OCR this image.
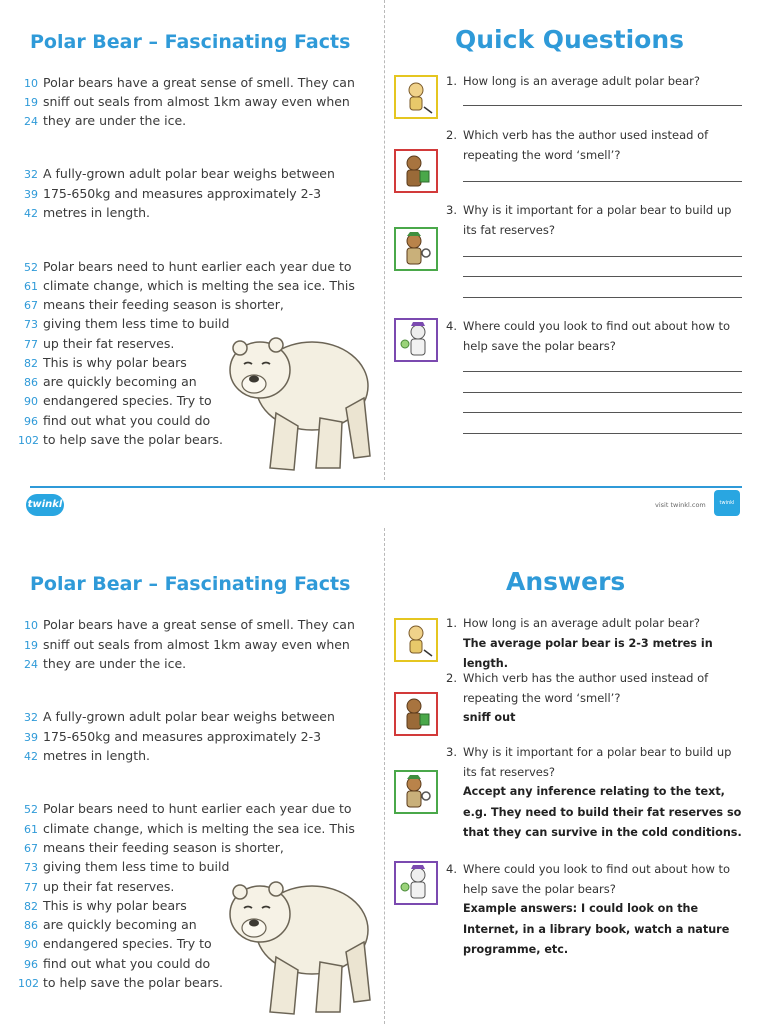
Polar Bear – Fascinating Facts	Quick Questions
10 Polar bears have a great sense of smell. They can
19 sniff out seals from almost 1km away even when
24 they are under the ice.
32 A fully-grown adult polar bear weighs between
39 175-650kg and measures approximately 2-3
42 metres in length.
52 Polar bears need to hunt earlier each year due to
61 climate change, which is melting the sea ice. This
67 means their feeding season is shorter,
73 giving them less time to build
77 up their fat reserves.
82 This is why polar bears
86 are quickly becoming an
90 endangered species. Try to
96 find out what you could do
102 to help save the polar bears.
1. How long is an average adult polar bear?
2. Which verb has the author used instead of repeating the word ‘smell’?
3. Why is it important for a polar bear to build up its fat reserves?
4. Where could you look to find out about how to help save the polar bears?
twinkl	visit twinkl.com	twinkl
Polar Bear – Fascinating Facts	Answers
10 Polar bears have a great sense of smell. They can
19 sniff out seals from almost 1km away even when
24 they are under the ice.
32 A fully-grown adult polar bear weighs between
39 175-650kg and measures approximately 2-3
42 metres in length.
52 Polar bears need to hunt earlier each year due to
61 climate change, which is melting the sea ice. This
67 means their feeding season is shorter,
73 giving them less time to build
77 up their fat reserves.
82 This is why polar bears
86 are quickly becoming an
90 endangered species. Try to
96 find out what you could do
102 to help save the polar bears.
1. How long is an average adult polar bear?
The average polar bear is 2-3 metres in length.
2. Which verb has the author used instead of repeating the word ‘smell’?
sniff out
3. Why is it important for a polar bear to build up its fat reserves?
Accept any inference relating to the text, e.g. They need to build their fat reserves so that they can survive in the cold conditions.
4. Where could you look to find out about how to help save the polar bears?
Example answers: I could look on the Internet, in a library book, watch a nature programme, etc.
